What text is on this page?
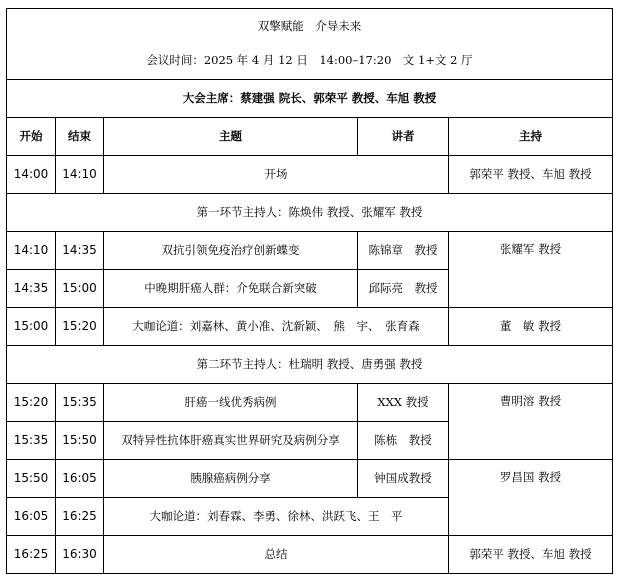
双擎赋能　介导未来
会议时间：2025 年 4 月 12 日　14:00–17:20　文 1+文 2 厅				
大会主席：蔡建强 院长、郭荣平 教授、车旭 教授				
开始	结束	主题	讲者	主持
14:00	14:10	开场		郭荣平 教授、车旭 教授
第一环节主持人：陈焕伟 教授、张耀军 教授				
14:10	14:35	双抗引领免疫治疗创新蝶变	陈锦章　教授	张耀军 教授
14:35	15:00	中晚期肝癌人群：介免联合新突破	邱际亮　教授	
15:00	15:20	大咖论道：刘嘉林、黄小准、沈新颖、　熊　宇、　张育森		董　敏 教授
第二环节主持人：杜瑞明 教授、唐勇强 教授				
15:20	15:35	肝癌一线优秀病例	XXX 教授	曹明溶 教授
15:35	15:50	双特异性抗体肝癌真实世界研究及病例分享	陈栋　教授	
15:50	16:05	胰腺癌病例分享	钟国成教授	罗昌国 教授
16:05	16:25	大咖论道：刘春霖、李勇、徐林、洪跃飞、王　平		
16:25	16:30	总结		郭荣平 教授、车旭 教授
